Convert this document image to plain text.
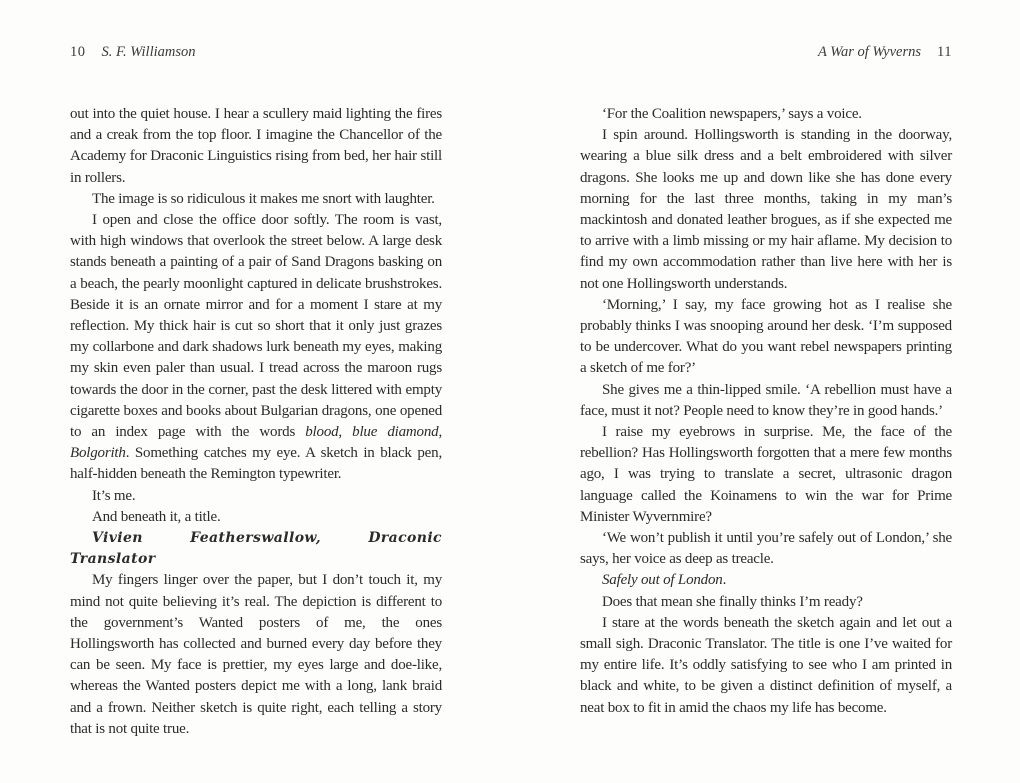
10 S. F. Williamson

out into the quiet house. I hear a scullery maid lighting the fires and a creak from the top floor. I imagine the Chancellor of the Academy for Draconic Linguistics rising from bed, her hair still in rollers.

The image is so ridiculous it makes me snort with laughter.

I open and close the office door softly. The room is vast, with high windows that overlook the street below. A large desk stands beneath a painting of a pair of Sand Dragons basking on a beach, the pearly moonlight captured in delicate brushstrokes. Beside it is an ornate mirror and for a moment I stare at my reflection. My thick hair is cut so short that it only just grazes my collarbone and dark shadows lurk beneath my eyes, making my skin even paler than usual. I tread across the maroon rugs towards the door in the corner, past the desk littered with empty cigarette boxes and books about Bulgarian dragons, one opened to an index page with the words blood, blue diamond, Bolgorith. Something catches my eye. A sketch in black pen, half-hidden beneath the Remington typewriter.

It’s me.

And beneath it, a title.

Vivien Featherswallow, Draconic Translator

My fingers linger over the paper, but I don’t touch it, my mind not quite believing it’s real. The depiction is different to the government’s Wanted posters of me, the ones Hollingsworth has collected and burned every day before they can be seen. My face is prettier, my eyes large and doe-like, whereas the Wanted posters depict me with a long, lank braid and a frown. Neither sketch is quite right, each telling a story that is not quite true.

A War of Wyverns 11

‘For the Coalition newspapers,’ says a voice.

I spin around. Hollingsworth is standing in the doorway, wearing a blue silk dress and a belt embroidered with silver dragons. She looks me up and down like she has done every morning for the last three months, taking in my man’s mackintosh and donated leather brogues, as if she expected me to arrive with a limb missing or my hair aflame. My decision to find my own accommodation rather than live here with her is not one Hollingsworth understands.

‘Morning,’ I say, my face growing hot as I realise she probably thinks I was snooping around her desk. ‘I’m supposed to be undercover. What do you want rebel newspapers printing a sketch of me for?’

She gives me a thin-lipped smile. ‘A rebellion must have a face, must it not? People need to know they’re in good hands.’

I raise my eyebrows in surprise. Me, the face of the rebellion? Has Hollingsworth forgotten that a mere few months ago, I was trying to translate a secret, ultrasonic dragon language called the Koinamens to win the war for Prime Minister Wyvernmire?

‘We won’t publish it until you’re safely out of London,’ she says, her voice as deep as treacle.

Safely out of London.

Does that mean she finally thinks I’m ready?

I stare at the words beneath the sketch again and let out a small sigh. Draconic Translator. The title is one I’ve waited for my entire life. It’s oddly satisfying to see who I am printed in black and white, to be given a distinct definition of myself, a neat box to fit in amid the chaos my life has become.
